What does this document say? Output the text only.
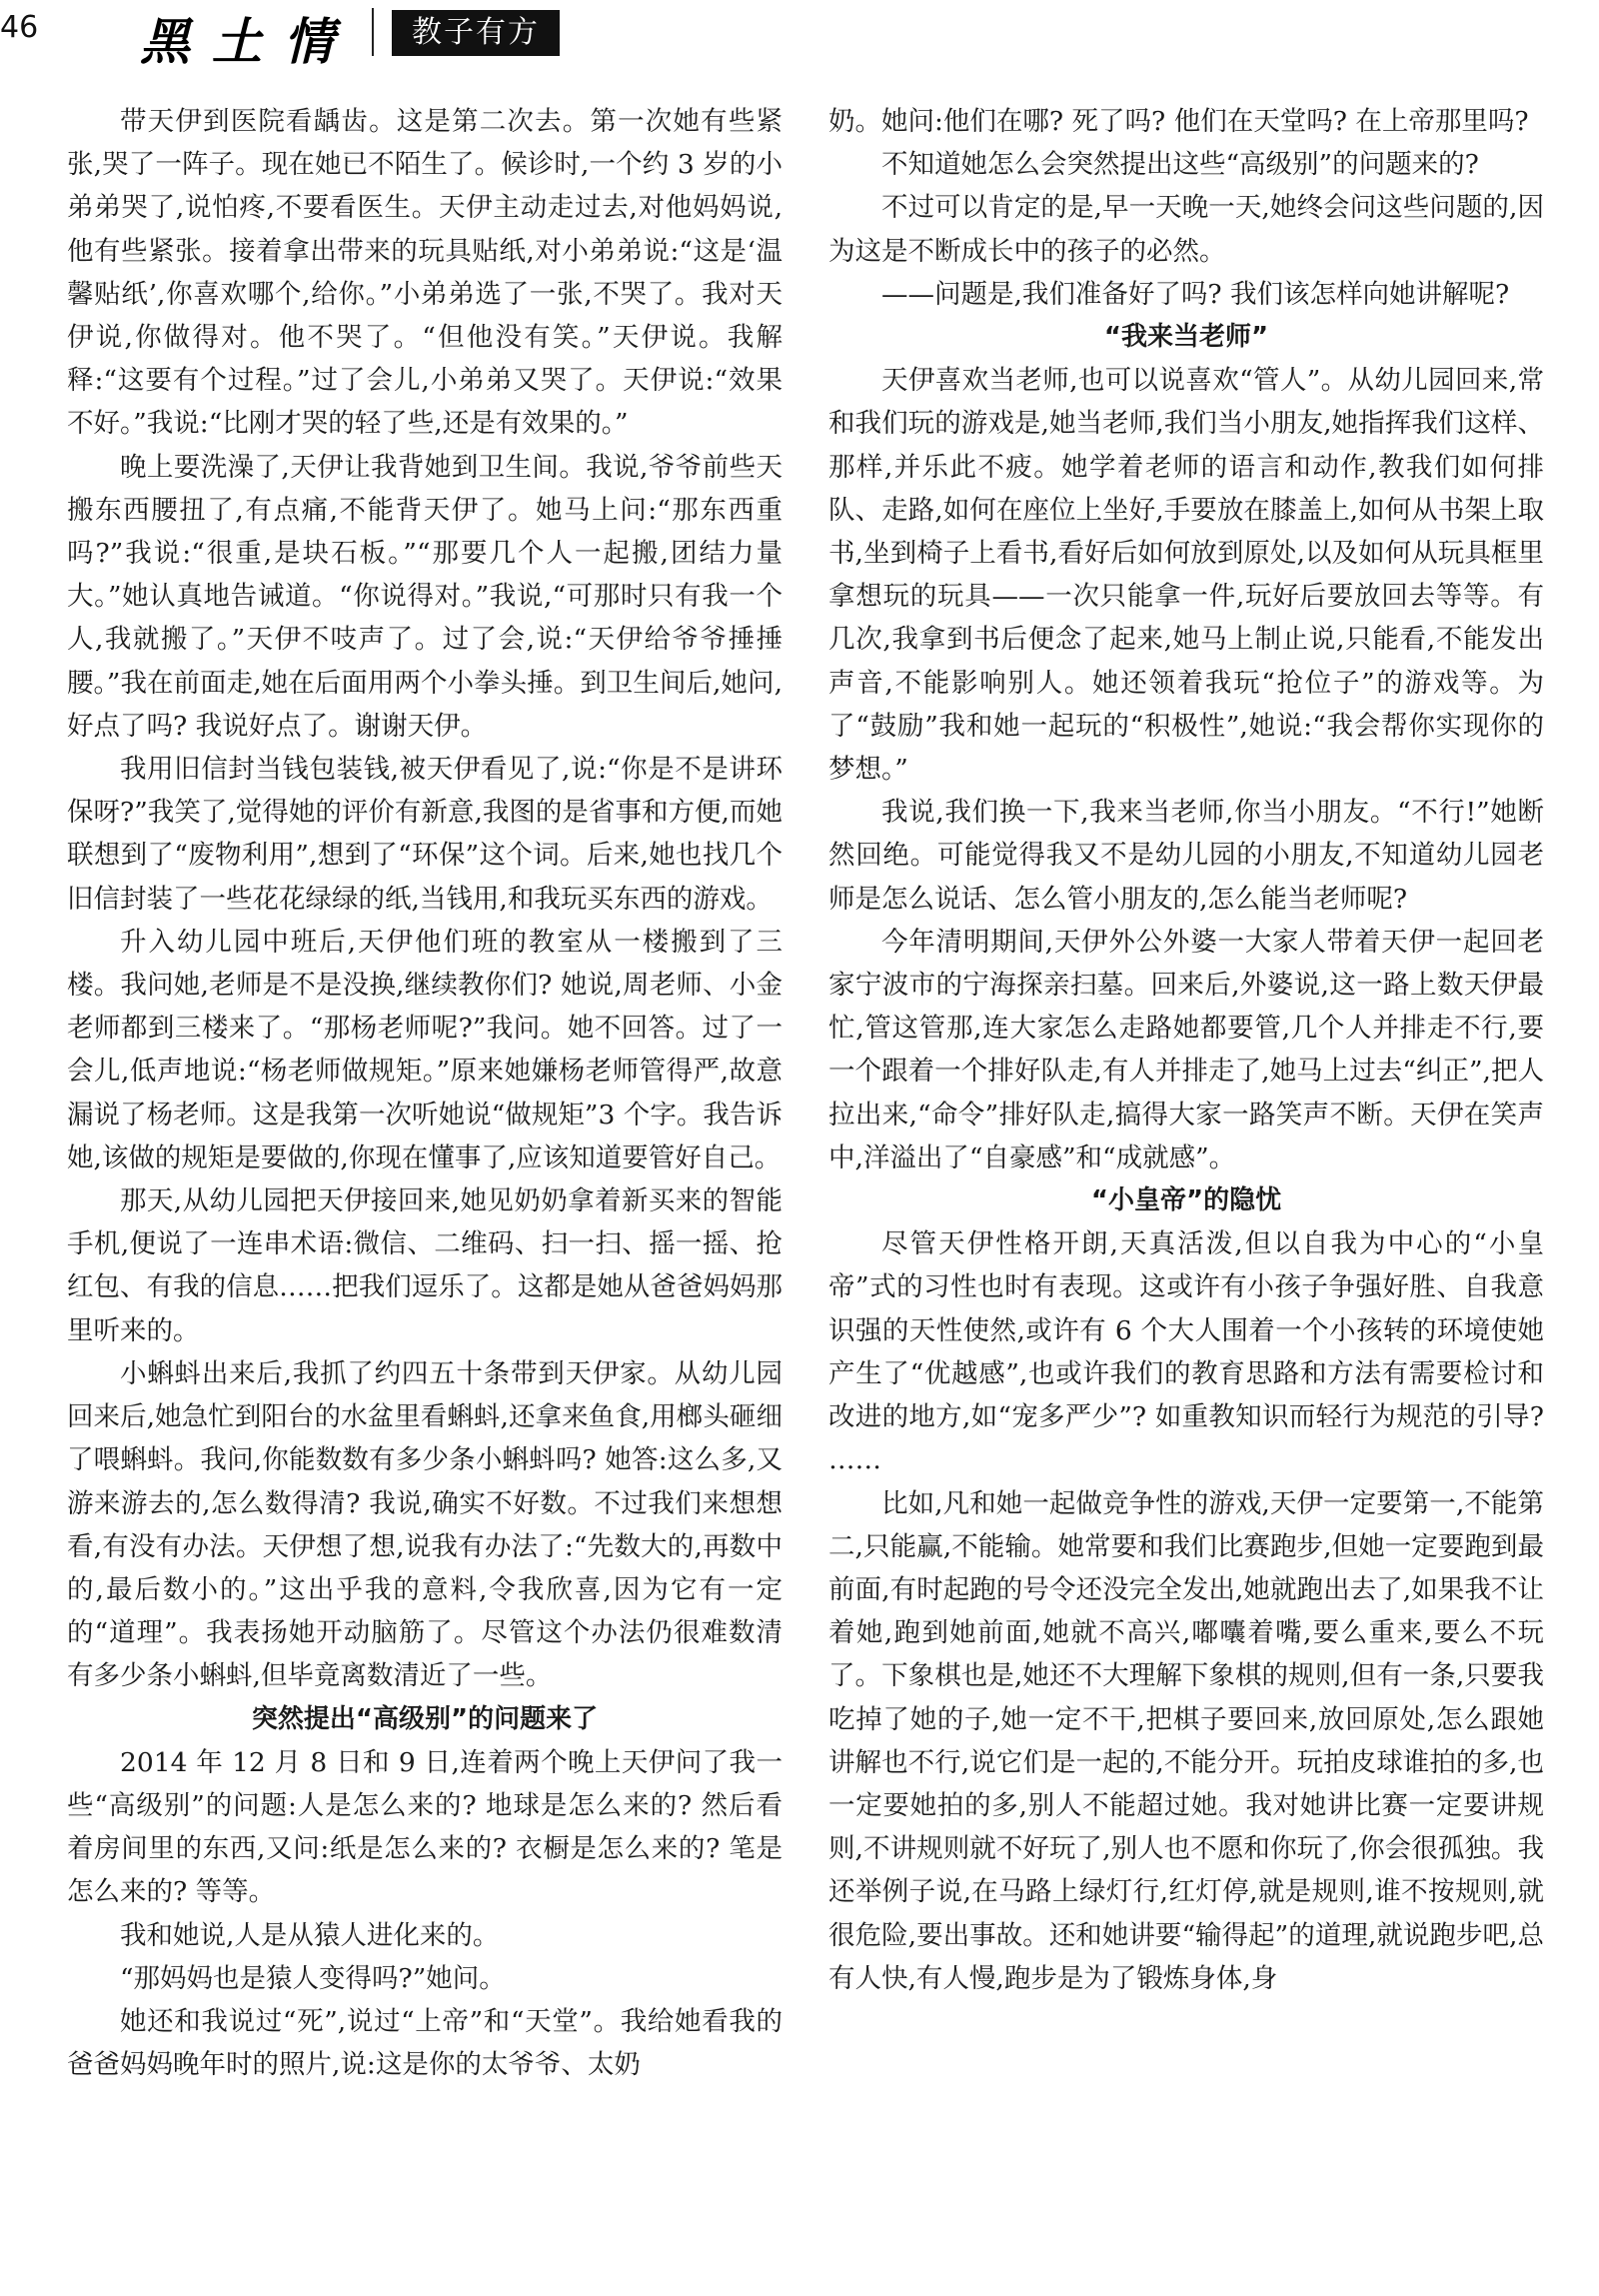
46 黑土情	教子有方

带天伊到医院看龋齿。这是第二次去。第一次她有些紧张,哭了一阵子。现在她已不陌生了。候诊时,一个约 3 岁的小弟弟哭了,说怕疼,不要看医生。天伊主动走过去,对他妈妈说,他有些紧张。接着拿出带来的玩具贴纸,对小弟弟说:“这是‘温馨贴纸’,你喜欢哪个,给你。”小弟弟选了一张,不哭了。我对天伊说,你做得对。他不哭了。“但他没有笑。”天伊说。我解释:“这要有个过程。”过了会儿,小弟弟又哭了。天伊说:“效果不好。”我说:“比刚才哭的轻了些,还是有效果的。”

晚上要洗澡了,天伊让我背她到卫生间。我说,爷爷前些天搬东西腰扭了,有点痛,不能背天伊了。她马上问:“那东西重吗?”我说:“很重,是块石板。”“那要几个人一起搬,团结力量大。”她认真地告诫道。“你说得对。”我说,“可那时只有我一个人,我就搬了。”天伊不吱声了。过了会,说:“天伊给爷爷捶捶腰。”我在前面走,她在后面用两个小拳头捶。到卫生间后,她问,好点了吗? 我说好点了。谢谢天伊。

我用旧信封当钱包装钱,被天伊看见了,说:“你是不是讲环保呀?”我笑了,觉得她的评价有新意,我图的是省事和方便,而她联想到了“废物利用”,想到了“环保”这个词。后来,她也找几个旧信封装了一些花花绿绿的纸,当钱用,和我玩买东西的游戏。

升入幼儿园中班后,天伊他们班的教室从一楼搬到了三楼。我问她,老师是不是没换,继续教你们? 她说,周老师、小金老师都到三楼来了。“那杨老师呢?”我问。她不回答。过了一会儿,低声地说:“杨老师做规矩。”原来她嫌杨老师管得严,故意漏说了杨老师。这是我第一次听她说“做规矩”3 个字。我告诉她,该做的规矩是要做的,你现在懂事了,应该知道要管好自己。

那天,从幼儿园把天伊接回来,她见奶奶拿着新买来的智能手机,便说了一连串术语:微信、二维码、扫一扫、摇一摇、抢红包、有我的信息……把我们逗乐了。这都是她从爸爸妈妈那里听来的。

小蝌蚪出来后,我抓了约四五十条带到天伊家。从幼儿园回来后,她急忙到阳台的水盆里看蝌蚪,还拿来鱼食,用榔头砸细了喂蝌蚪。我问,你能数数有多少条小蝌蚪吗? 她答:这么多,又游来游去的,怎么数得清? 我说,确实不好数。不过我们来想想看,有没有办法。天伊想了想,说我有办法了:“先数大的,再数中的,最后数小的。”这出乎我的意料,令我欣喜,因为它有一定的“道理”。我表扬她开动脑筋了。尽管这个办法仍很难数清有多少条小蝌蚪,但毕竟离数清近了一些。

突然提出“高级别”的问题来了

2014 年 12 月 8 日和 9 日,连着两个晚上天伊问了我一些“高级别”的问题:人是怎么来的? 地球是怎么来的? 然后看着房间里的东西,又问:纸是怎么来的? 衣橱是怎么来的? 笔是怎么来的? 等等。

我和她说,人是从猿人进化来的。

“那妈妈也是猿人变得吗?”她问。

她还和我说过“死”,说过“上帝”和“天堂”。我给她看我的爸爸妈妈晚年时的照片,说:这是你的太爷爷、太奶

奶。她问:他们在哪? 死了吗? 他们在天堂吗? 在上帝那里吗?

不知道她怎么会突然提出这些“高级别”的问题来的?

不过可以肯定的是,早一天晚一天,她终会问这些问题的,因为这是不断成长中的孩子的必然。

——问题是,我们准备好了吗? 我们该怎样向她讲解呢?

“我来当老师”

天伊喜欢当老师,也可以说喜欢“管人”。从幼儿园回来,常和我们玩的游戏是,她当老师,我们当小朋友,她指挥我们这样、那样,并乐此不疲。她学着老师的语言和动作,教我们如何排队、走路,如何在座位上坐好,手要放在膝盖上,如何从书架上取书,坐到椅子上看书,看好后如何放到原处,以及如何从玩具框里拿想玩的玩具——一次只能拿一件,玩好后要放回去等等。有几次,我拿到书后便念了起来,她马上制止说,只能看,不能发出声音,不能影响别人。她还领着我玩“抢位子”的游戏等。为了“鼓励”我和她一起玩的“积极性”,她说:“我会帮你实现你的梦想。”

我说,我们换一下,我来当老师,你当小朋友。“不行!”她断然回绝。可能觉得我又不是幼儿园的小朋友,不知道幼儿园老师是怎么说话、怎么管小朋友的,怎么能当老师呢?

今年清明期间,天伊外公外婆一大家人带着天伊一起回老家宁波市的宁海探亲扫墓。回来后,外婆说,这一路上数天伊最忙,管这管那,连大家怎么走路她都要管,几个人并排走不行,要一个跟着一个排好队走,有人并排走了,她马上过去“纠正”,把人拉出来,“命令”排好队走,搞得大家一路笑声不断。天伊在笑声中,洋溢出了“自豪感”和“成就感”。

“小皇帝”的隐忧

尽管天伊性格开朗,天真活泼,但以自我为中心的“小皇帝”式的习性也时有表现。这或许有小孩子争强好胜、自我意识强的天性使然,或许有 6 个大人围着一个小孩转的环境使她产生了“优越感”,也或许我们的教育思路和方法有需要检讨和改进的地方,如“宠多严少”? 如重教知识而轻行为规范的引导? ……

比如,凡和她一起做竞争性的游戏,天伊一定要第一,不能第二,只能赢,不能输。她常要和我们比赛跑步,但她一定要跑到最前面,有时起跑的号令还没完全发出,她就跑出去了,如果我不让着她,跑到她前面,她就不高兴,嘟囔着嘴,要么重来,要么不玩了。下象棋也是,她还不大理解下象棋的规则,但有一条,只要我吃掉了她的子,她一定不干,把棋子要回来,放回原处,怎么跟她讲解也不行,说它们是一起的,不能分开。玩拍皮球谁拍的多,也一定要她拍的多,别人不能超过她。我对她讲比赛一定要讲规则,不讲规则就不好玩了,别人也不愿和你玩了,你会很孤独。我还举例子说,在马路上绿灯行,红灯停,就是规则,谁不按规则,就很危险,要出事故。还和她讲要“输得起”的道理,就说跑步吧,总有人快,有人慢,跑步是为了锻炼身体,身
